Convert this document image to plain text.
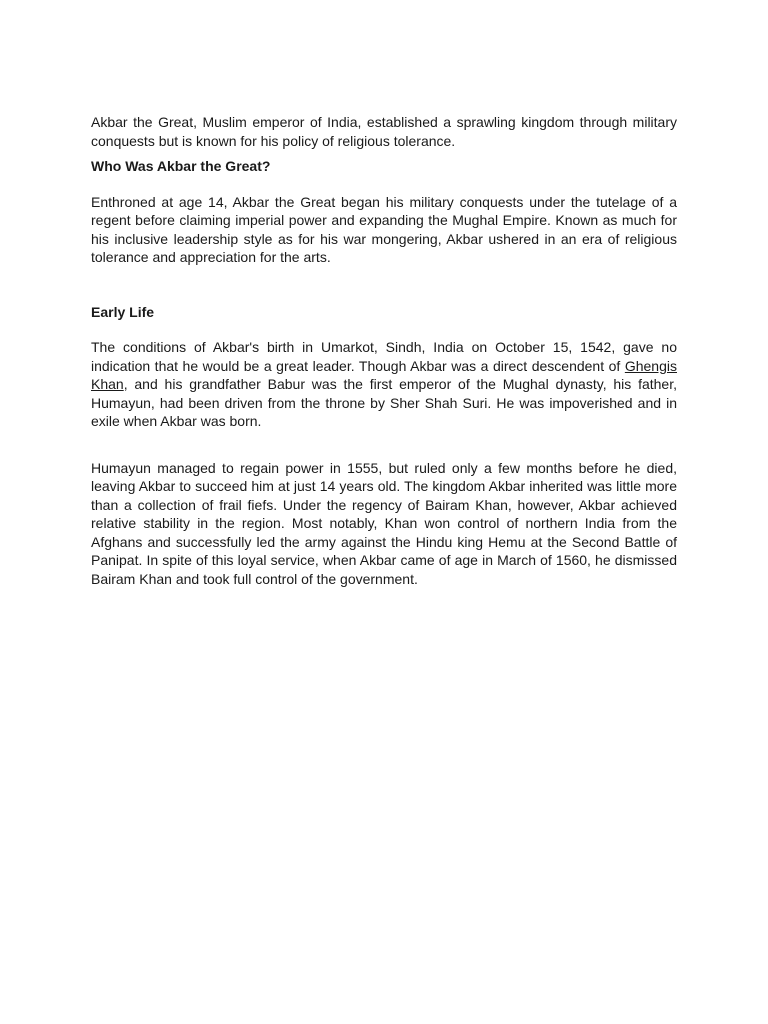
Akbar the Great, Muslim emperor of India, established a sprawling kingdom through military conquests but is known for his policy of religious tolerance.

Who Was Akbar the Great?

Enthroned at age 14, Akbar the Great began his military conquests under the tutelage of a regent before claiming imperial power and expanding the Mughal Empire. Known as much for his inclusive leadership style as for his war mongering, Akbar ushered in an era of religious tolerance and appreciation for the arts.

Early Life

The conditions of Akbar's birth in Umarkot, Sindh, India on October 15, 1542, gave no indication that he would be a great leader. Though Akbar was a direct descendent of Ghengis Khan, and his grandfather Babur was the first emperor of the Mughal dynasty, his father, Humayun, had been driven from the throne by Sher Shah Suri. He was impoverished and in exile when Akbar was born.

Humayun managed to regain power in 1555, but ruled only a few months before he died, leaving Akbar to succeed him at just 14 years old. The kingdom Akbar inherited was little more than a collection of frail fiefs. Under the regency of Bairam Khan, however, Akbar achieved relative stability in the region. Most notably, Khan won control of northern India from the Afghans and successfully led the army against the Hindu king Hemu at the Second Battle of Panipat. In spite of this loyal service, when Akbar came of age in March of 1560, he dismissed Bairam Khan and took full control of the government.
